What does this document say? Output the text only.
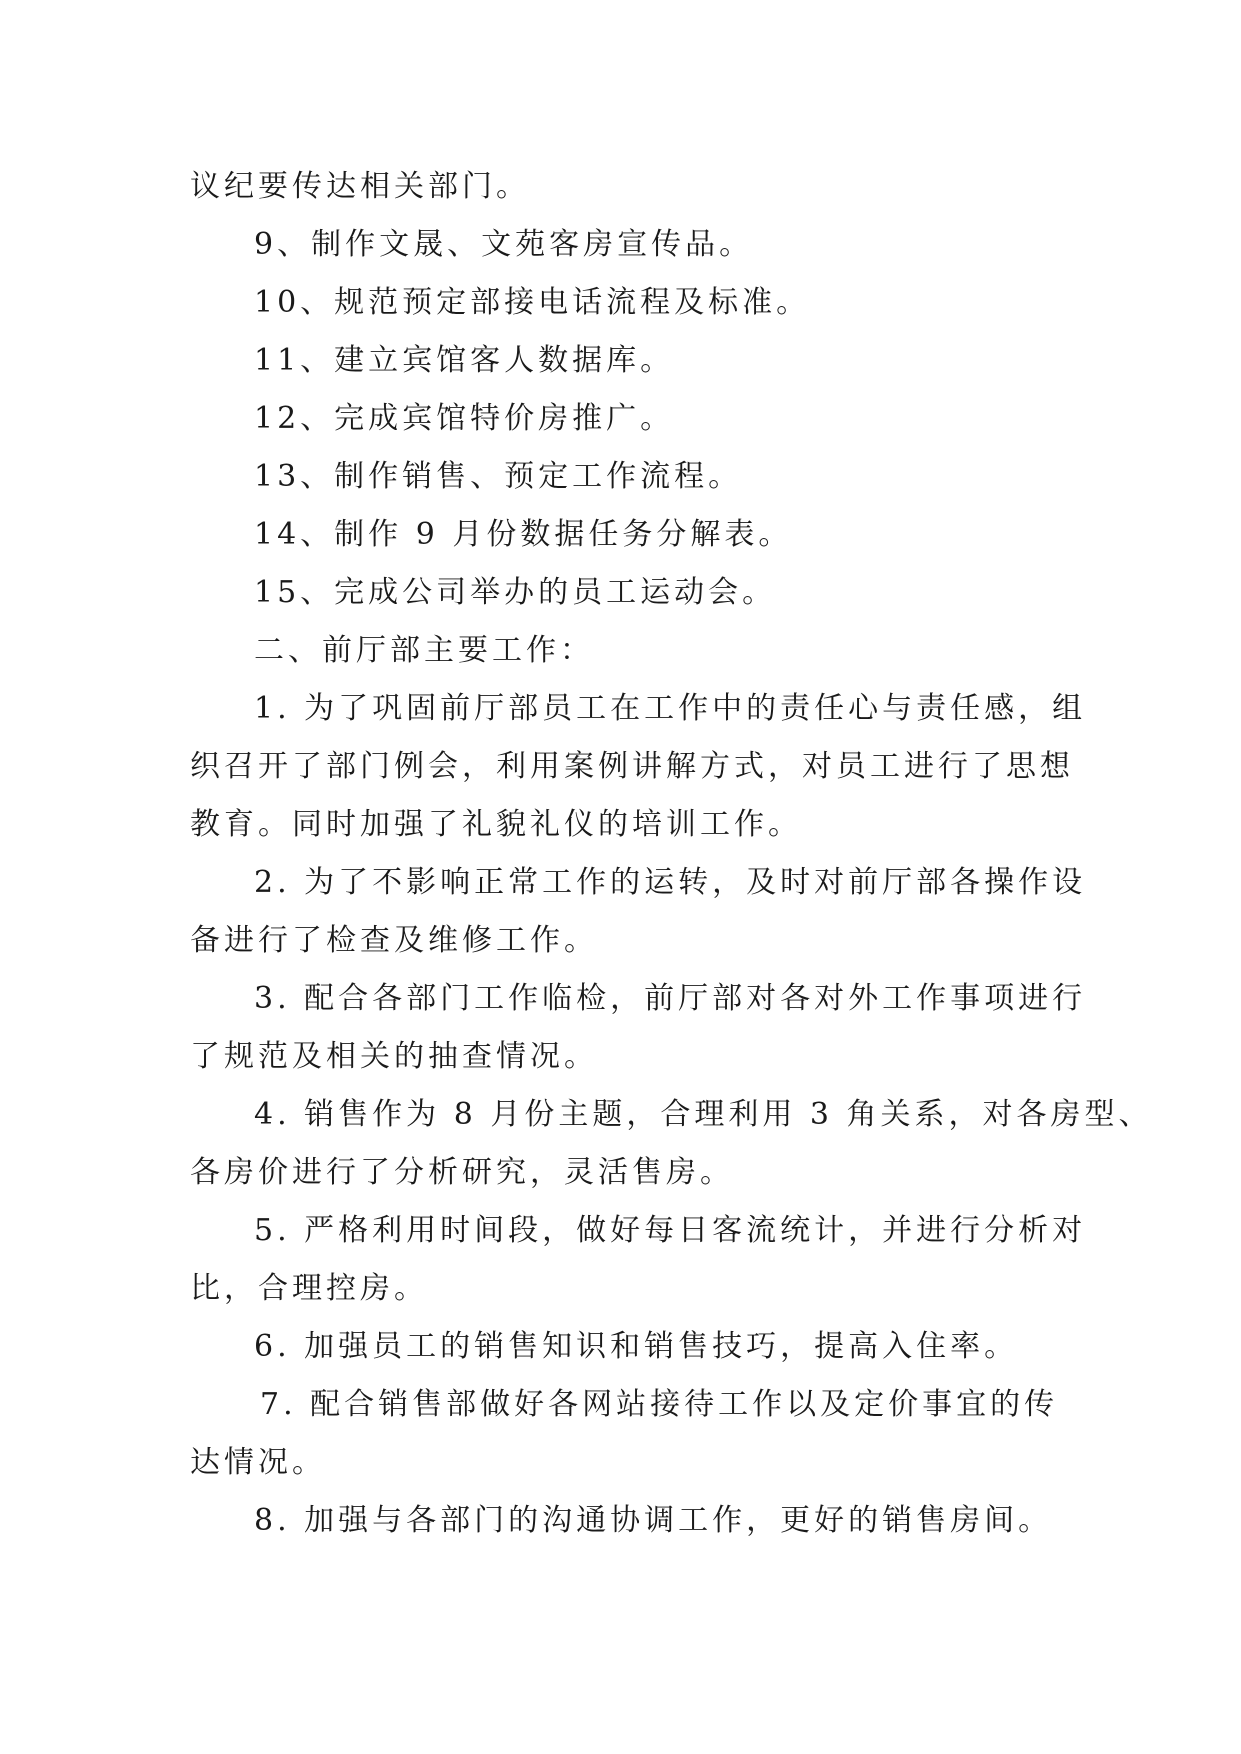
议纪要传达相关部门。
9、制作文晟、文苑客房宣传品。
10、规范预定部接电话流程及标准。
11、建立宾馆客人数据库。
12、完成宾馆特价房推广。
13、制作销售、预定工作流程。
14、制作 9 月份数据任务分解表。
15、完成公司举办的员工运动会。
二、前厅部主要工作：
1. 为了巩固前厅部员工在工作中的责任心与责任感，组
织召开了部门例会，利用案例讲解方式，对员工进行了思想
教育。同时加强了礼貌礼仪的培训工作。
2. 为了不影响正常工作的运转，及时对前厅部各操作设
备进行了检查及维修工作。
3. 配合各部门工作临检，前厅部对各对外工作事项进行
了规范及相关的抽查情况。
4. 销售作为 8 月份主题，合理利用 3 角关系，对各房型、
各房价进行了分析研究，灵活售房。
5. 严格利用时间段，做好每日客流统计，并进行分析对
比，合理控房。
6. 加强员工的销售知识和销售技巧，提高入住率。
7. 配合销售部做好各网站接待工作以及定价事宜的传
达情况。
8. 加强与各部门的沟通协调工作，更好的销售房间。
